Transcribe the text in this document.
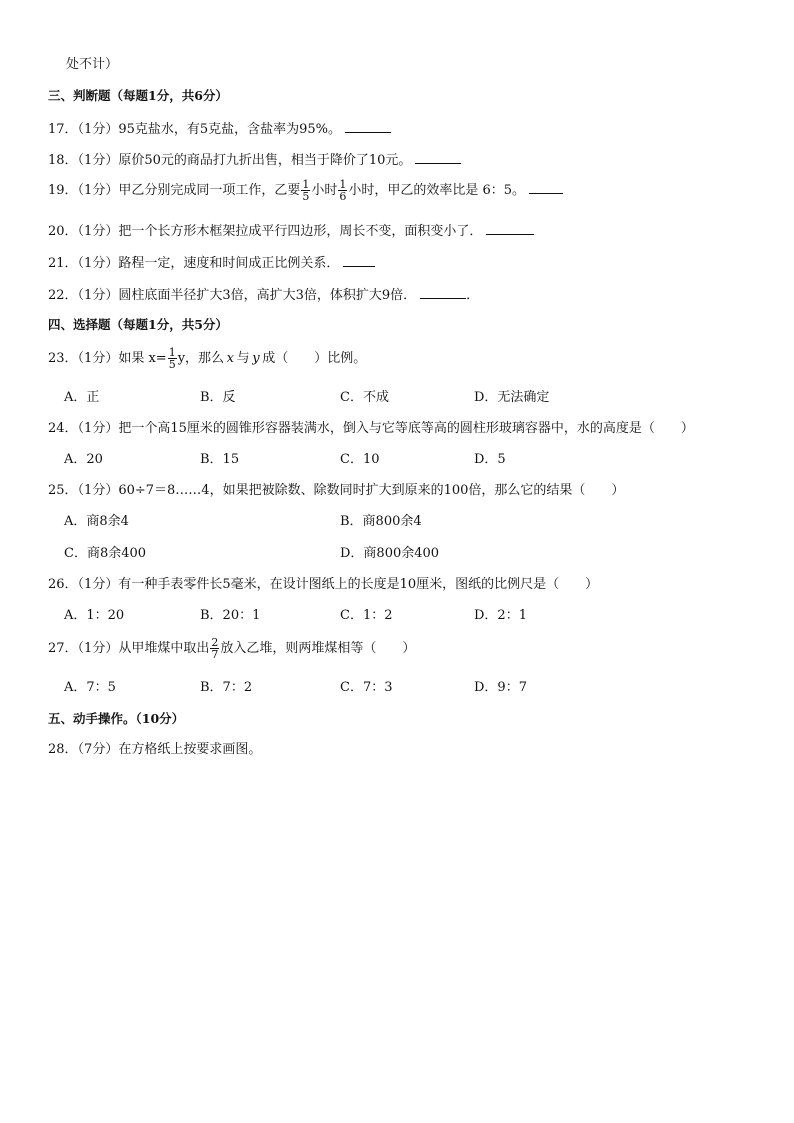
处不计）
三、判断题（每题1分，共6分）
17．（1分）95克盐水，有5克盐，含盐率为95%。
18．（1分）原价50元的商品打九折出售，相当于降价了10元。
19．（1分）甲乙分别完成同一项工作，乙要 $\frac{1}{5}$ 小时 $\frac{1}{6}$ 小时，甲乙的效率比是 6：5。
20．（1分）把一个长方形木框架拉成平行四边形，周长不变，面积变小了．
21．（1分）路程一定，速度和时间成正比例关系．
22．（1分）圆柱底面半径扩大3倍，高扩大3倍，体积扩大9倍．	．
四、选择题（每题1分，共5分）
23．（1分）如果 $x= \frac{1}{5}$ y，那么  x  与  y  成（　　）比例。
A．正	B．反	C．不成	D．无法确定
24．（1分）把一个高15厘米的圆锥形容器装满水，倒入与它等底等高的圆柱形玻璃容器中，水的高度是（　　）
A．20	B．15	C．10	D．5
25．（1分）60÷7＝8……4，如果把被除数、除数同时扩大到原来的100倍，那么它的结果（　　）
A．商8余4	B．商800余4
C．商8余400	D．商800余400
26．（1分）有一种手表零件长5毫米，在设计图纸上的长度是10厘米，图纸的比例尺是（　　）
A．1：20	B．20：1	C．1：2	D．2：1
27．（1分）从甲堆煤中取出 $\frac{2}{7}$ 放入乙堆，则两堆煤相等（　　）
A．7：5	B．7：2	C．7：3	D．9：7
五、动手操作。（10分）
28．（7分）在方格纸上按要求画图。
